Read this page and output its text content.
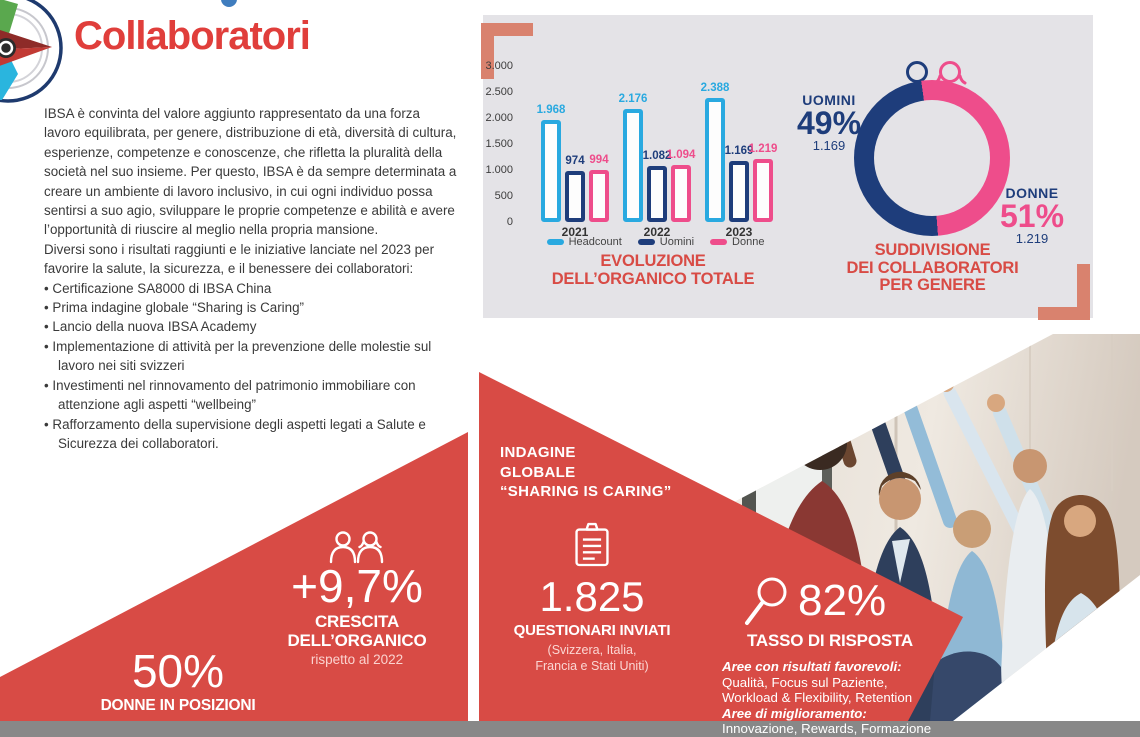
Collaboratori

IBSA è convinta del valore aggiunto rappresentato da una forza lavoro equilibrata, per genere, distribuzione di età, diversità di cultura, esperienze, competenze e conoscenze, che rifletta la pluralità della società nel suo insieme. Per questo, IBSA è da sempre determinata a creare un ambiente di lavoro inclusivo, in cui ogni individuo possa sentirsi a suo agio, sviluppare le proprie competenze e abilità e avere l’opportunità di riuscire al meglio nella propria mansione.

Diversi sono i risultati raggiunti e le iniziative lanciate nel 2023 per favorire la salute, la sicurezza, e il benessere dei collaboratori:

• Certificazione SA8000 di IBSA China
• Prima indagine globale “Sharing is Caring”
• Lancio della nuova IBSA Academy
• Implementazione di attività per la prevenzione delle molestie sul lavoro nei siti svizzeri
• Investimenti nel rinnovamento del patrimonio immobiliare con attenzione agli aspetti “wellbeing”
• Rafforzamento della supervisione degli aspetti legati a Salute e Sicurezza dei collaboratori.
3.000
2.500
2.000
1.500
1.000
500
0
1.968
974 994
2021
2.176
1.082
1.094
2022
2.388
1.169
1.219
2023
Headcount	Uomini	Donne
EVOLUZIONE
DELL’ORGANICO TOTALE
UOMINI
49%
1.169
DONNE
51%
1.219
SUDDIVISIONE
DEI COLLABORATORI
PER GENERE
+9,7%
CRESCITA
DELL’ORGANICO
rispetto al 2022
50%
DONNE IN POSIZIONI
INDAGINE
GLOBALE
“SHARING IS CARING”
1.825
QUESTIONARI INVIATI
(Svizzera, Italia,
Francia e Stati Uniti)
82%
TASSO DI RISPOSTA
Aree con risultati favorevoli:
Qualità, Focus sul Paziente,
Workload & Flexibility, Retention
Aree di miglioramento:
Innovazione, Rewards, Formazione
